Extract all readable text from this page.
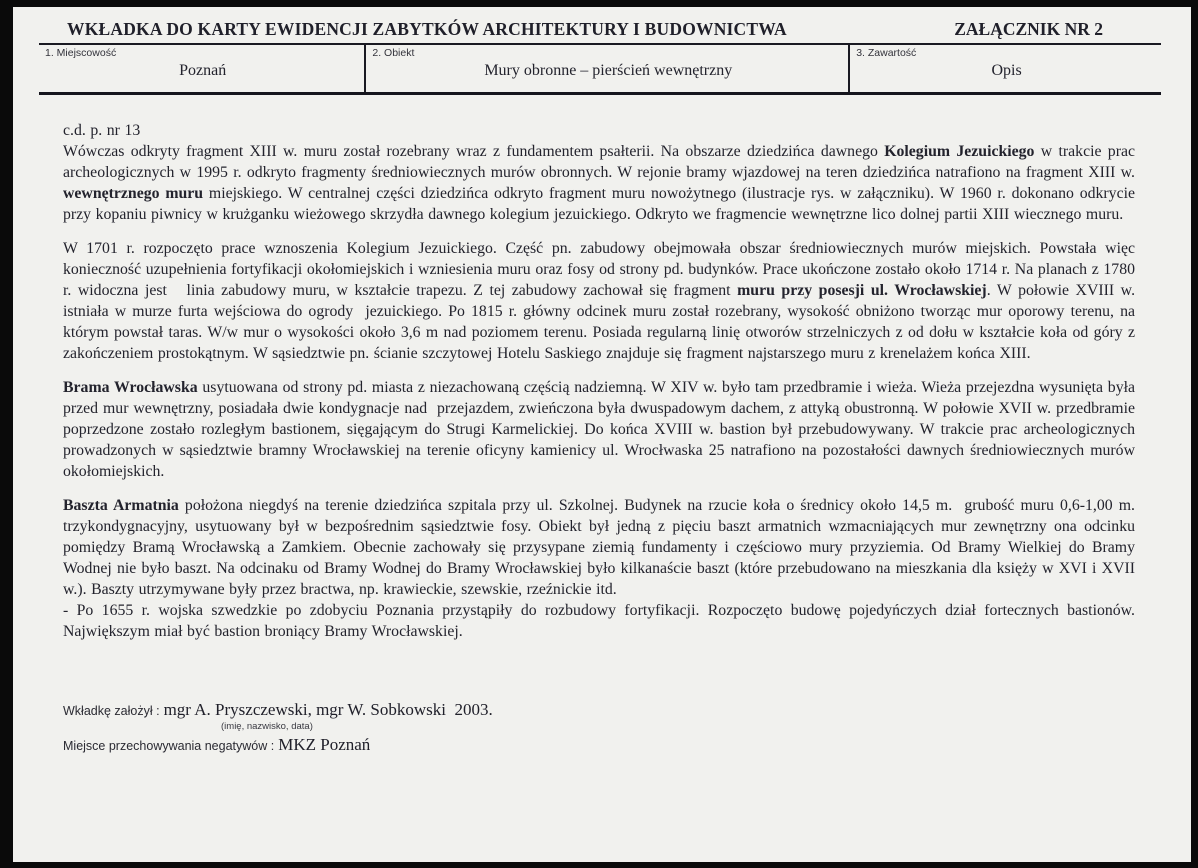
WKŁADKA DO KARTY EWIDENCJI ZABYTKÓW ARCHITEKTURY I BUDOWNICTWA	ZAŁĄCZNIK NR 2
1. Miejscowość
Poznań
2. Obiekt
Mury obronne – pierścień wewnętrzny
3. Zawartość
Opis
c.d. p. nr 13
Wówczas odkryty fragment XIII w. muru został rozebrany wraz z fundamentem psałterii. Na obszarze dziedzińca dawnego Kolegium Jezuickiego w trakcie prac archeologicznych w 1995 r. odkryto fragmenty średniowiecznych murów obronnych. W rejonie bramy wjazdowej na teren dziedzińca natrafiono na fragment XIII w. wewnętrznego muru miejskiego. W centralnej części dziedzińca odkryto fragment muru nowożytnego (ilustracje rys. w załączniku). W 1960 r. dokonano odkrycie przy kopaniu piwnicy w krużganku wieżowego skrzydła dawnego kolegium jezuickiego. Odkryto we fragmencie wewnętrzne lico dolnej partii XIII wiecznego muru.
W 1701 r. rozpoczęto prace wznoszenia Kolegium Jezuickiego. Część pn. zabudowy obejmowała obszar średniowiecznych murów miejskich. Powstała więc konieczność uzupełnienia fortyfikacji okołomiejskich i wzniesienia muru oraz fosy od strony pd. budynków. Prace ukończone zostało około 1714 r. Na planach z 1780 r. widoczna jest   linia zabudowy muru, w kształcie trapezu. Z tej zabudowy zachował się fragment muru przy posesji ul. Wrocławskiej. W połowie XVIII w. istniała w murze furta wejściowa do ogrody  jezuickiego. Po 1815 r. główny odcinek muru został rozebrany, wysokość obniżono tworząc mur oporowy terenu, na którym powstał taras. W/w mur o wysokości około 3,6 m nad poziomem terenu. Posiada regularną linię otworów strzelniczych z od dołu w kształcie koła od góry z zakończeniem prostokątnym. W sąsiedztwie pn. ścianie szczytowej Hotelu Saskiego znajduje się fragment najstarszego muru z krenelażem końca XIII.
Brama Wrocławska usytuowana od strony pd. miasta z niezachowaną częścią nadziemną. W XIV w. było tam przedbramie i wieża. Wieża przejezdna wysunięta była przed mur wewnętrzny, posiadała dwie kondygnacje nad  przejazdem, zwieńczona była dwuspadowym dachem, z attyką obustronną. W połowie XVII w. przedbramie poprzedzone zostało rozległym bastionem, sięgającym do Strugi Karmelickiej. Do końca XVIII w. bastion był przebudowywany. W trakcie prac archeologicznych prowadzonych w sąsiedztwie bramny Wrocławskiej na terenie oficyny kamienicy ul. Wrocłwaska 25 natrafiono na pozostałości dawnych średniowiecznych murów okołomiejskich.
Baszta Armatnia położona niegdyś na terenie dziedzińca szpitala przy ul. Szkolnej. Budynek na rzucie koła o średnicy około 14,5 m.  grubość muru 0,6-1,00 m. trzykondygnacyjny, usytuowany był w bezpośrednim sąsiedztwie fosy. Obiekt był jedną z pięciu baszt armatnich wzmacniających mur zewnętrzny ona odcinku pomiędzy Bramą Wrocławską a Zamkiem. Obecnie zachowały się przysypane ziemią fundamenty i częściowo mury przyziemia. Od Bramy Wielkiej do Bramy Wodnej nie było baszt. Na odcinaku od Bramy Wodnej do Bramy Wrocławskiej było kilkanaście baszt (które przebudowano na mieszkania dla księży w XVI i XVII w.). Baszty utrzymywane były przez bractwa, np. krawieckie, szewskie, rzeźnickie itd.
- Po 1655 r. wojska szwedzkie po zdobyciu Poznania przystąpiły do rozbudowy fortyfikacji. Rozpoczęto budowę pojedyńczych dział fortecznych bastionów. Największym miał być bastion broniący Bramy Wrocławskiej.
Wkładkę założył : mgr A. Pryszczewski, mgr W. Sobkowski  2003.
(imię, nazwisko, data)
Miejsce przechowywania negatywów : MKZ Poznań
